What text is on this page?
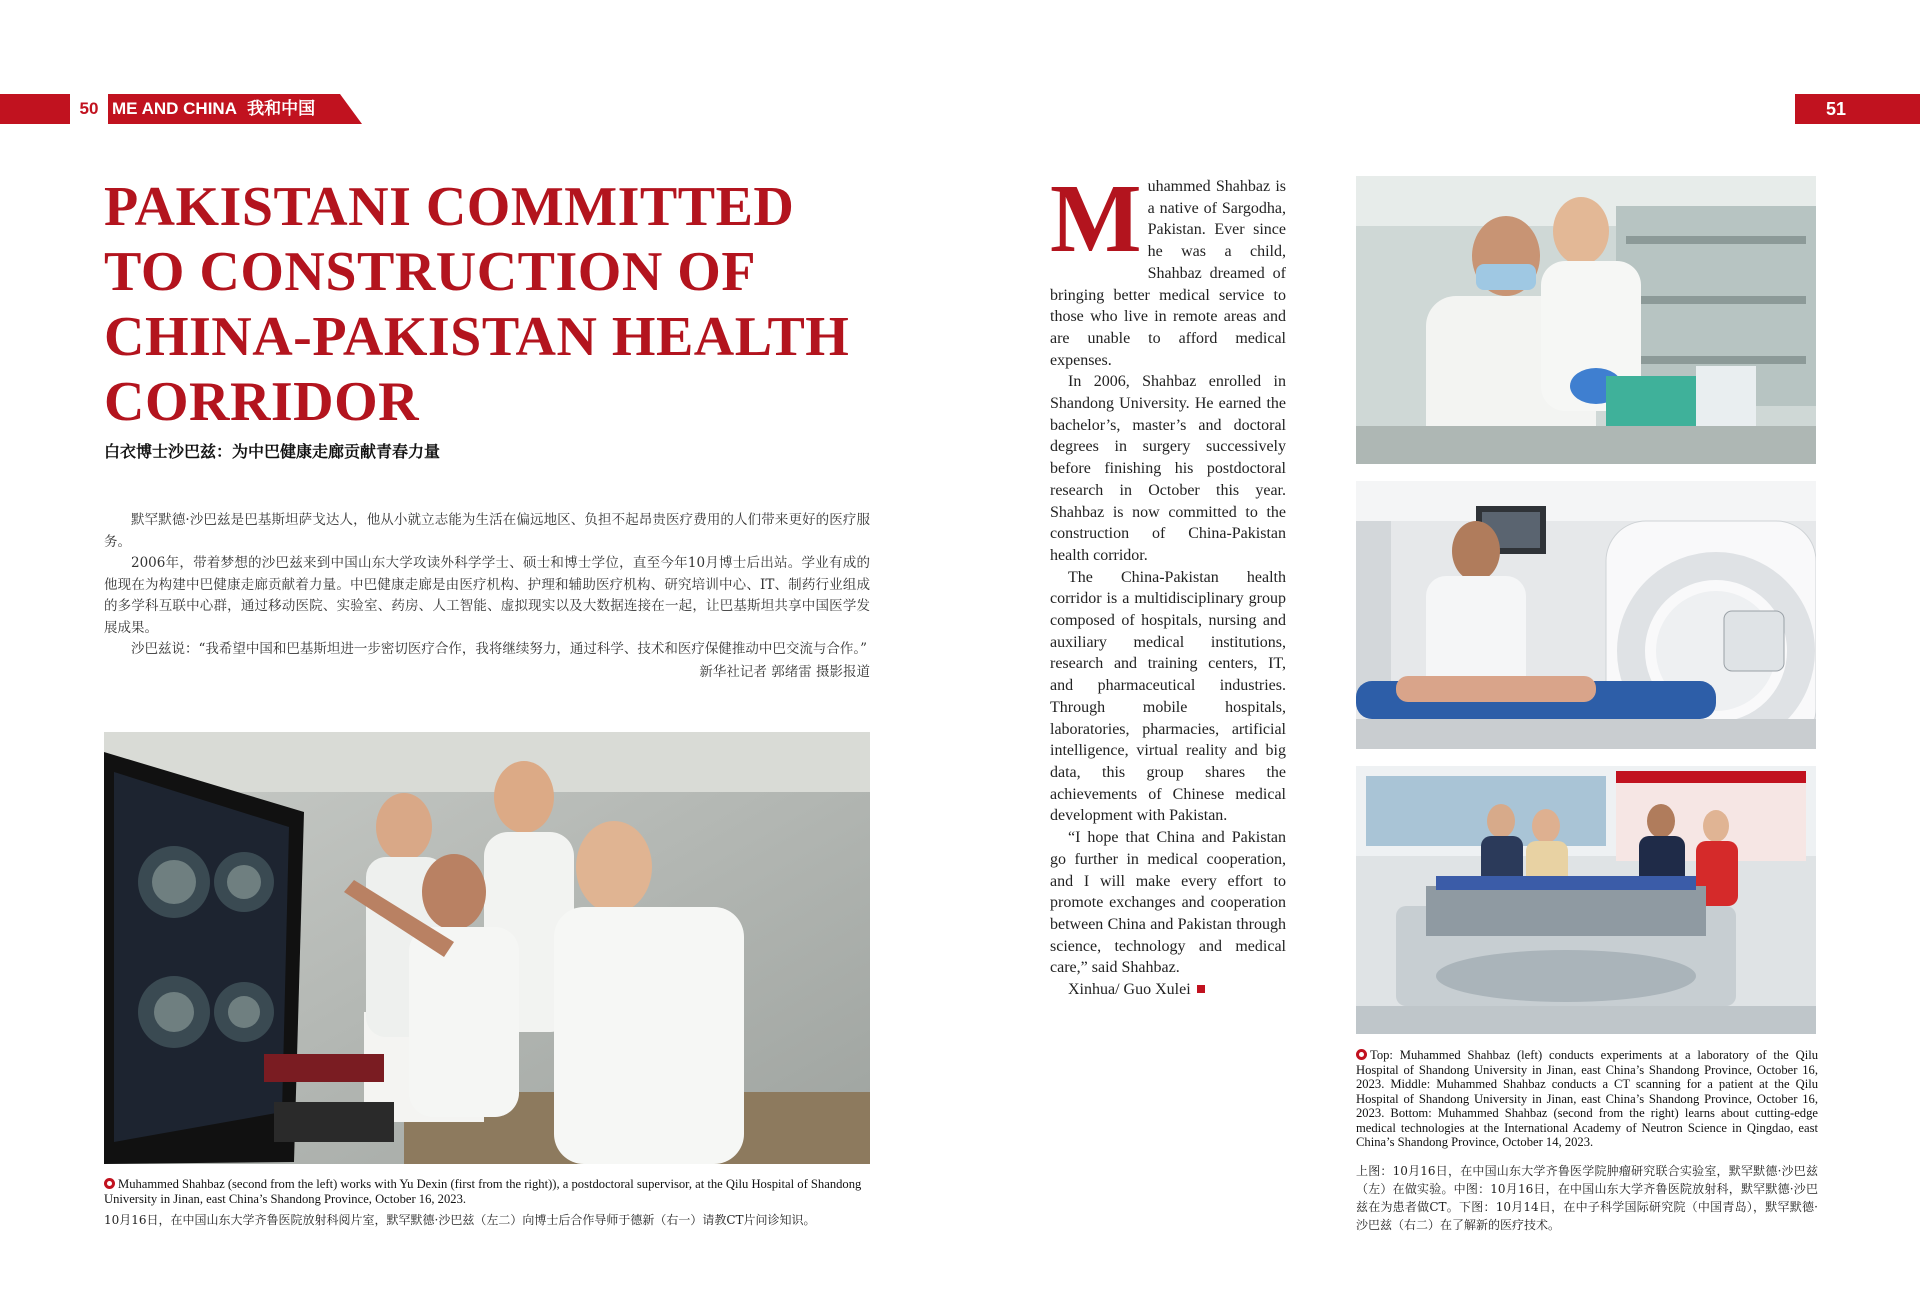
50 ME AND CHINA 我和中国	51
PAKISTANI COMMITTED TO CONSTRUCTION OF CHINA-PAKISTAN HEALTH CORRIDOR
白衣博士沙巴兹：为中巴健康走廊贡献青春力量

默罕默德·沙巴兹是巴基斯坦萨戈达人，他从小就立志能为生活在偏远地区、负担不起昂贵医疗费用的人们带来更好的医疗服务。

2006年，带着梦想的沙巴兹来到中国山东大学攻读外科学学士、硕士和博士学位，直至今年10月博士后出站。学业有成的他现在为构建中巴健康走廊贡献着力量。中巴健康走廊是由医疗机构、护理和辅助医疗机构、研究培训中心、IT、制药行业组成的多学科互联中心群，通过移动医院、实验室、药房、人工智能、虚拟现实以及大数据连接在一起，让巴基斯坦共享中国医学发展成果。

沙巴兹说：“我希望中国和巴基斯坦进一步密切医疗合作，我将继续努力，通过科学、技术和医疗保健推动中巴交流与合作。”

新华社记者 郭绪雷 摄影报道
Muhammed Shahbaz (second from the left) works with Yu Dexin (first from the right)), a postdoctoral supervisor, at the Qilu Hospital of Shandong University in Jinan, east China’s Shandong Province, October 16, 2023.
10月16日，在中国山东大学齐鲁医院放射科阅片室，默罕默德·沙巴兹（左二）向博士后合作导师于德新（右一）请教CT片问诊知识。

Muhammed Shahbaz is a native of Sargodha, Pakistan. Ever since he was a child, Shahbaz dreamed of bringing better medical service to those who live in remote areas and are unable to afford medical expenses.

In 2006, Shahbaz enrolled in Shandong University. He earned the bachelor’s, master’s and doctoral degrees in surgery successively before finishing his postdoctoral research in October this year. Shahbaz is now committed to the construction of China-Pakistan health corridor.

The China-Pakistan health corridor is a multidisciplinary group composed of hospitals, nursing and auxiliary medical institutions, research and training centers, IT, and pharmaceutical industries. Through mobile hospitals, laboratories, pharmacies, artificial intelligence, virtual reality and big data, this group shares the achievements of Chinese medical development with Pakistan.

“I hope that China and Pakistan go further in medical cooperation, and I will make every effort to promote exchanges and cooperation between China and Pakistan through science, technology and medical care,” said Shahbaz.

Xinhua/ Guo Xulei

Top: Muhammed Shahbaz (left) conducts experiments at a laboratory of the Qilu Hospital of Shandong University in Jinan, east China’s Shandong Province, October 16, 2023. Middle: Muhammed Shahbaz conducts a CT scanning for a patient at the Qilu Hospital of Shandong University in Jinan, east China’s Shandong Province, October 16, 2023. Bottom: Muhammed Shahbaz (second from the right) learns about cutting-edge medical technologies at the International Academy of Neutron Science in Qingdao, east China’s Shandong Province, October 14, 2023.
上图：10月16日，在中国山东大学齐鲁医学院肿瘤研究联合实验室，默罕默德·沙巴兹（左）在做实验。中图：10月16日，在中国山东大学齐鲁医院放射科，默罕默德·沙巴兹在为患者做CT。下图：10月14日，在中子科学国际研究院（中国青岛），默罕默德·沙巴兹（右二）在了解新的医疗技术。
